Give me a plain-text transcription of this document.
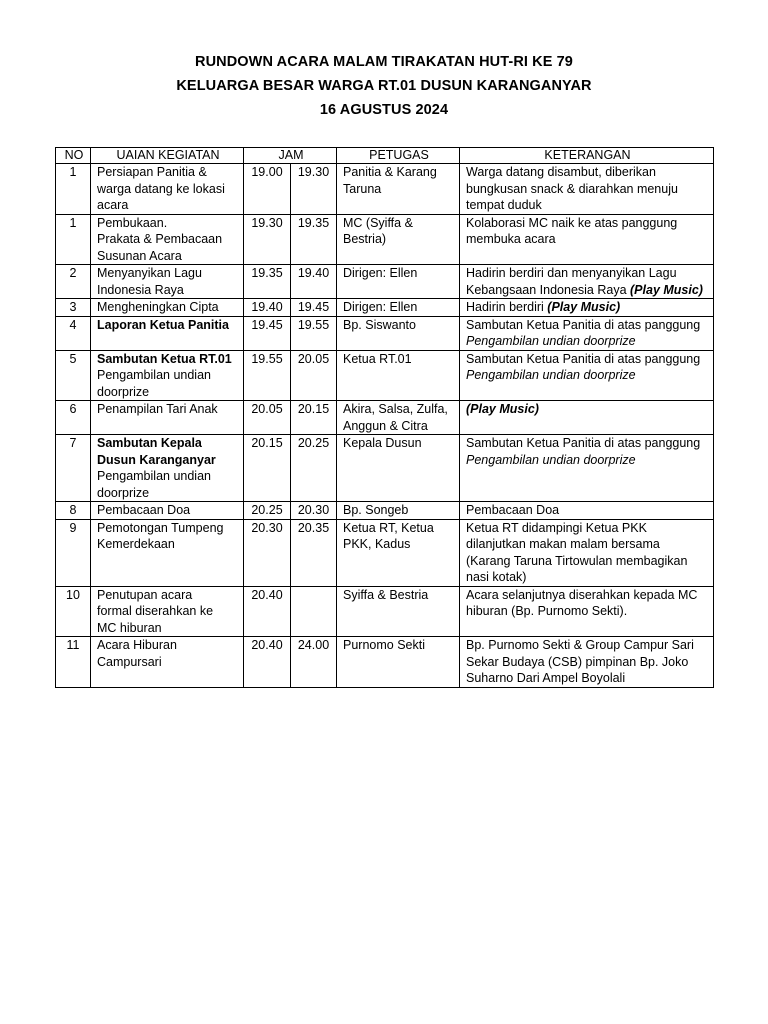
RUNDOWN ACARA MALAM TIRAKATAN HUT-RI KE 79
KELUARGA BESAR WARGA RT.01 DUSUN KARANGANYAR
16 AGUSTUS 2024
NO	UAIAN KEGIATAN	JAM		PETUGAS	KETERANGAN
1	Persiapan Panitia &
warga datang ke lokasi
acara	19.00	19.30	Panitia & Karang
Taruna	Warga datang disambut, diberikan
bungkusan snack & diarahkan menuju
tempat duduk

1	Pembukaan.
Prakata & Pembacaan
Susunan Acara	19.30	19.35	MC (Syiffa &
Bestria)	Kolaborasi MC naik ke atas panggung
membuka acara

2	Menyanyikan Lagu
Indonesia Raya	19.35	19.40	Dirigen: Ellen	Hadirin berdiri dan menyanyikan Lagu
Kebangsaan Indonesia Raya (Play Music)

3	Mengheningkan Cipta	19.40	19.45	Dirigen: Ellen	Hadirin berdiri (Play Music)

4	Laporan Ketua Panitia	19.45	19.55	Bp. Siswanto	Sambutan Ketua Panitia di atas panggung
Pengambilan undian doorprize

5	Sambutan Ketua RT.01
Pengambilan undian
doorprize	19.55	20.05	Ketua RT.01	Sambutan Ketua Panitia di atas panggung
Pengambilan undian doorprize

6	Penampilan Tari Anak	20.05	20.15	Akira, Salsa, Zulfa,
Anggun & Citra	(Play Music)

7	Sambutan Kepala
Dusun Karanganyar
Pengambilan undian
doorprize	20.15	20.25	Kepala Dusun	Sambutan Ketua Panitia di atas panggung
Pengambilan undian doorprize

8	Pembacaan Doa	20.25	20.30	Bp. Songeb	Pembacaan Doa

9	Pemotongan Tumpeng
Kemerdekaan	20.30	20.35	Ketua RT, Ketua
PKK, Kadus	Ketua RT didampingi Ketua PKK
dilanjutkan makan malam bersama
(Karang Taruna Tirtowulan membagikan
nasi kotak)

10	Penutupan acara
formal diserahkan ke
MC hiburan	20.40		Syiffa & Bestria	Acara selanjutnya diserahkan kepada MC
hiburan (Bp. Purnomo Sekti).

11	Acara Hiburan
Campursari	20.40	24.00	Purnomo Sekti	Bp. Purnomo Sekti & Group Campur Sari
Sekar Budaya (CSB) pimpinan Bp. Joko
Suharno Dari Ampel Boyolali
